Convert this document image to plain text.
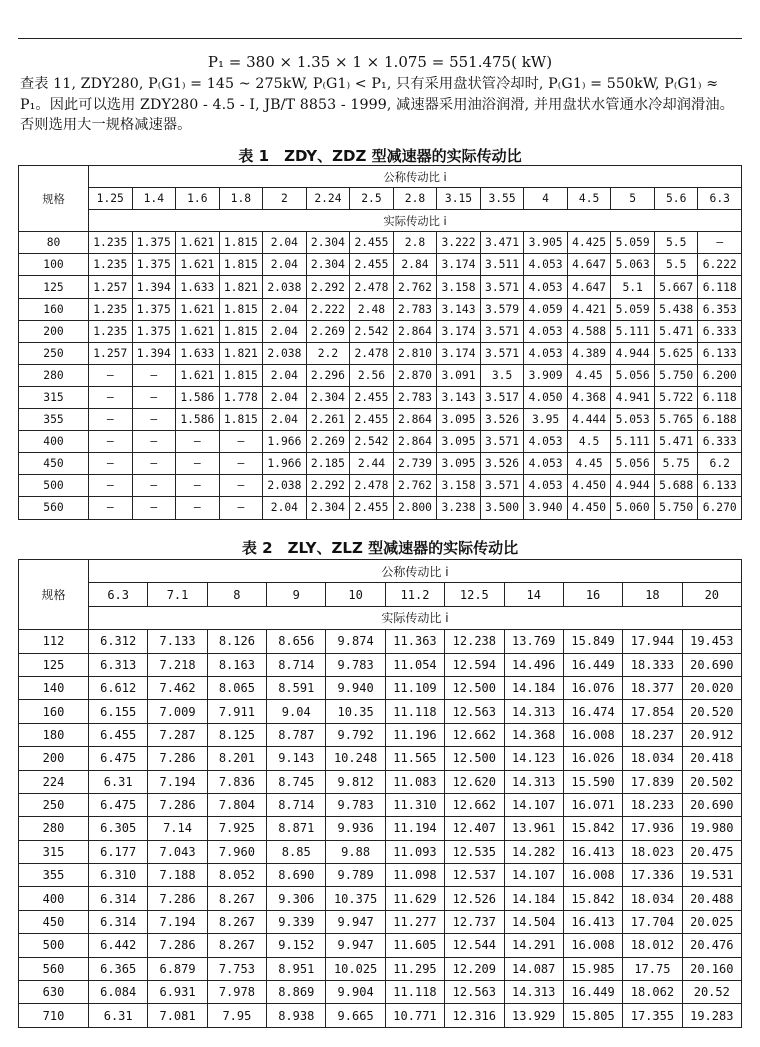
P₁ = 380 × 1.35 × 1 × 1.075 = 551.475( kW)
查表 11, ZDY280, P₍G1₎ = 145 ~ 275kW, P₍G1₎ < P₁, 只有采用盘状管冷却时, P₍G1₎ = 550kW, P₍G1₎ ≈ P₁。因此可以选用 ZDY280 - 4.5 - Ⅰ, JB/T 8853 - 1999, 减速器采用油浴润滑, 并用盘状水管通水冷却润滑油。否则选用大一规格减速器。
表 1　ZDY、ZDZ 型减速器的实际传动比
规格	公称传动比 i														
	1.25	1.4	1.6	1.8	2	2.24	2.5	2.8	3.15	3.55	4	4.5	5	5.6	6.3
	实际传动比 i														
80	1.235	1.375	1.621	1.815	2.04	2.304	2.455	2.8	3.222	3.471	3.905	4.425	5.059	5.5	—
100	1.235	1.375	1.621	1.815	2.04	2.304	2.455	2.84	3.174	3.511	4.053	4.647	5.063	5.5	6.222
125	1.257	1.394	1.633	1.821	2.038	2.292	2.478	2.762	3.158	3.571	4.053	4.647	5.1	5.667	6.118
160	1.235	1.375	1.621	1.815	2.04	2.222	2.48	2.783	3.143	3.579	4.059	4.421	5.059	5.438	6.353
200	1.235	1.375	1.621	1.815	2.04	2.269	2.542	2.864	3.174	3.571	4.053	4.588	5.111	5.471	6.333
250	1.257	1.394	1.633	1.821	2.038	2.2	2.478	2.810	3.174	3.571	4.053	4.389	4.944	5.625	6.133
280	—	—	1.621	1.815	2.04	2.296	2.56	2.870	3.091	3.5	3.909	4.45	5.056	5.750	6.200
315	—	—	1.586	1.778	2.04	2.304	2.455	2.783	3.143	3.517	4.050	4.368	4.941	5.722	6.118
355	—	—	1.586	1.815	2.04	2.261	2.455	2.864	3.095	3.526	3.95	4.444	5.053	5.765	6.188
400	—	—	—	—	1.966	2.269	2.542	2.864	3.095	3.571	4.053	4.5	5.111	5.471	6.333
450	—	—	—	—	1.966	2.185	2.44	2.739	3.095	3.526	4.053	4.45	5.056	5.75	6.2
500	—	—	—	—	2.038	2.292	2.478	2.762	3.158	3.571	4.053	4.450	4.944	5.688	6.133
560	—	—	—	—	2.04	2.304	2.455	2.800	3.238	3.500	3.940	4.450	5.060	5.750	6.270
表 2　ZLY、ZLZ 型减速器的实际传动比
规格	公称传动比 i										
	6.3	7.1	8	9	10	11.2	12.5	14	16	18	20
	实际传动比 i										
112	6.312	7.133	8.126	8.656	9.874	11.363	12.238	13.769	15.849	17.944	19.453
125	6.313	7.218	8.163	8.714	9.783	11.054	12.594	14.496	16.449	18.333	20.690
140	6.612	7.462	8.065	8.591	9.940	11.109	12.500	14.184	16.076	18.377	20.020
160	6.155	7.009	7.911	9.04	10.35	11.118	12.563	14.313	16.474	17.854	20.520
180	6.455	7.287	8.125	8.787	9.792	11.196	12.662	14.368	16.008	18.237	20.912
200	6.475	7.286	8.201	9.143	10.248	11.565	12.500	14.123	16.026	18.034	20.418
224	6.31	7.194	7.836	8.745	9.812	11.083	12.620	14.313	15.590	17.839	20.502
250	6.475	7.286	7.804	8.714	9.783	11.310	12.662	14.107	16.071	18.233	20.690
280	6.305	7.14	7.925	8.871	9.936	11.194	12.407	13.961	15.842	17.936	19.980
315	6.177	7.043	7.960	8.85	9.88	11.093	12.535	14.282	16.413	18.023	20.475
355	6.310	7.188	8.052	8.690	9.789	11.098	12.537	14.107	16.008	17.336	19.531
400	6.314	7.286	8.267	9.306	10.375	11.629	12.526	14.184	15.842	18.034	20.488
450	6.314	7.194	8.267	9.339	9.947	11.277	12.737	14.504	16.413	17.704	20.025
500	6.442	7.286	8.267	9.152	9.947	11.605	12.544	14.291	16.008	18.012	20.476
560	6.365	6.879	7.753	8.951	10.025	11.295	12.209	14.087	15.985	17.75	20.160
630	6.084	6.931	7.978	8.869	9.904	11.118	12.563	14.313	16.449	18.062	20.52
710	6.31	7.081	7.95	8.938	9.665	10.771	12.316	13.929	15.805	17.355	19.283
